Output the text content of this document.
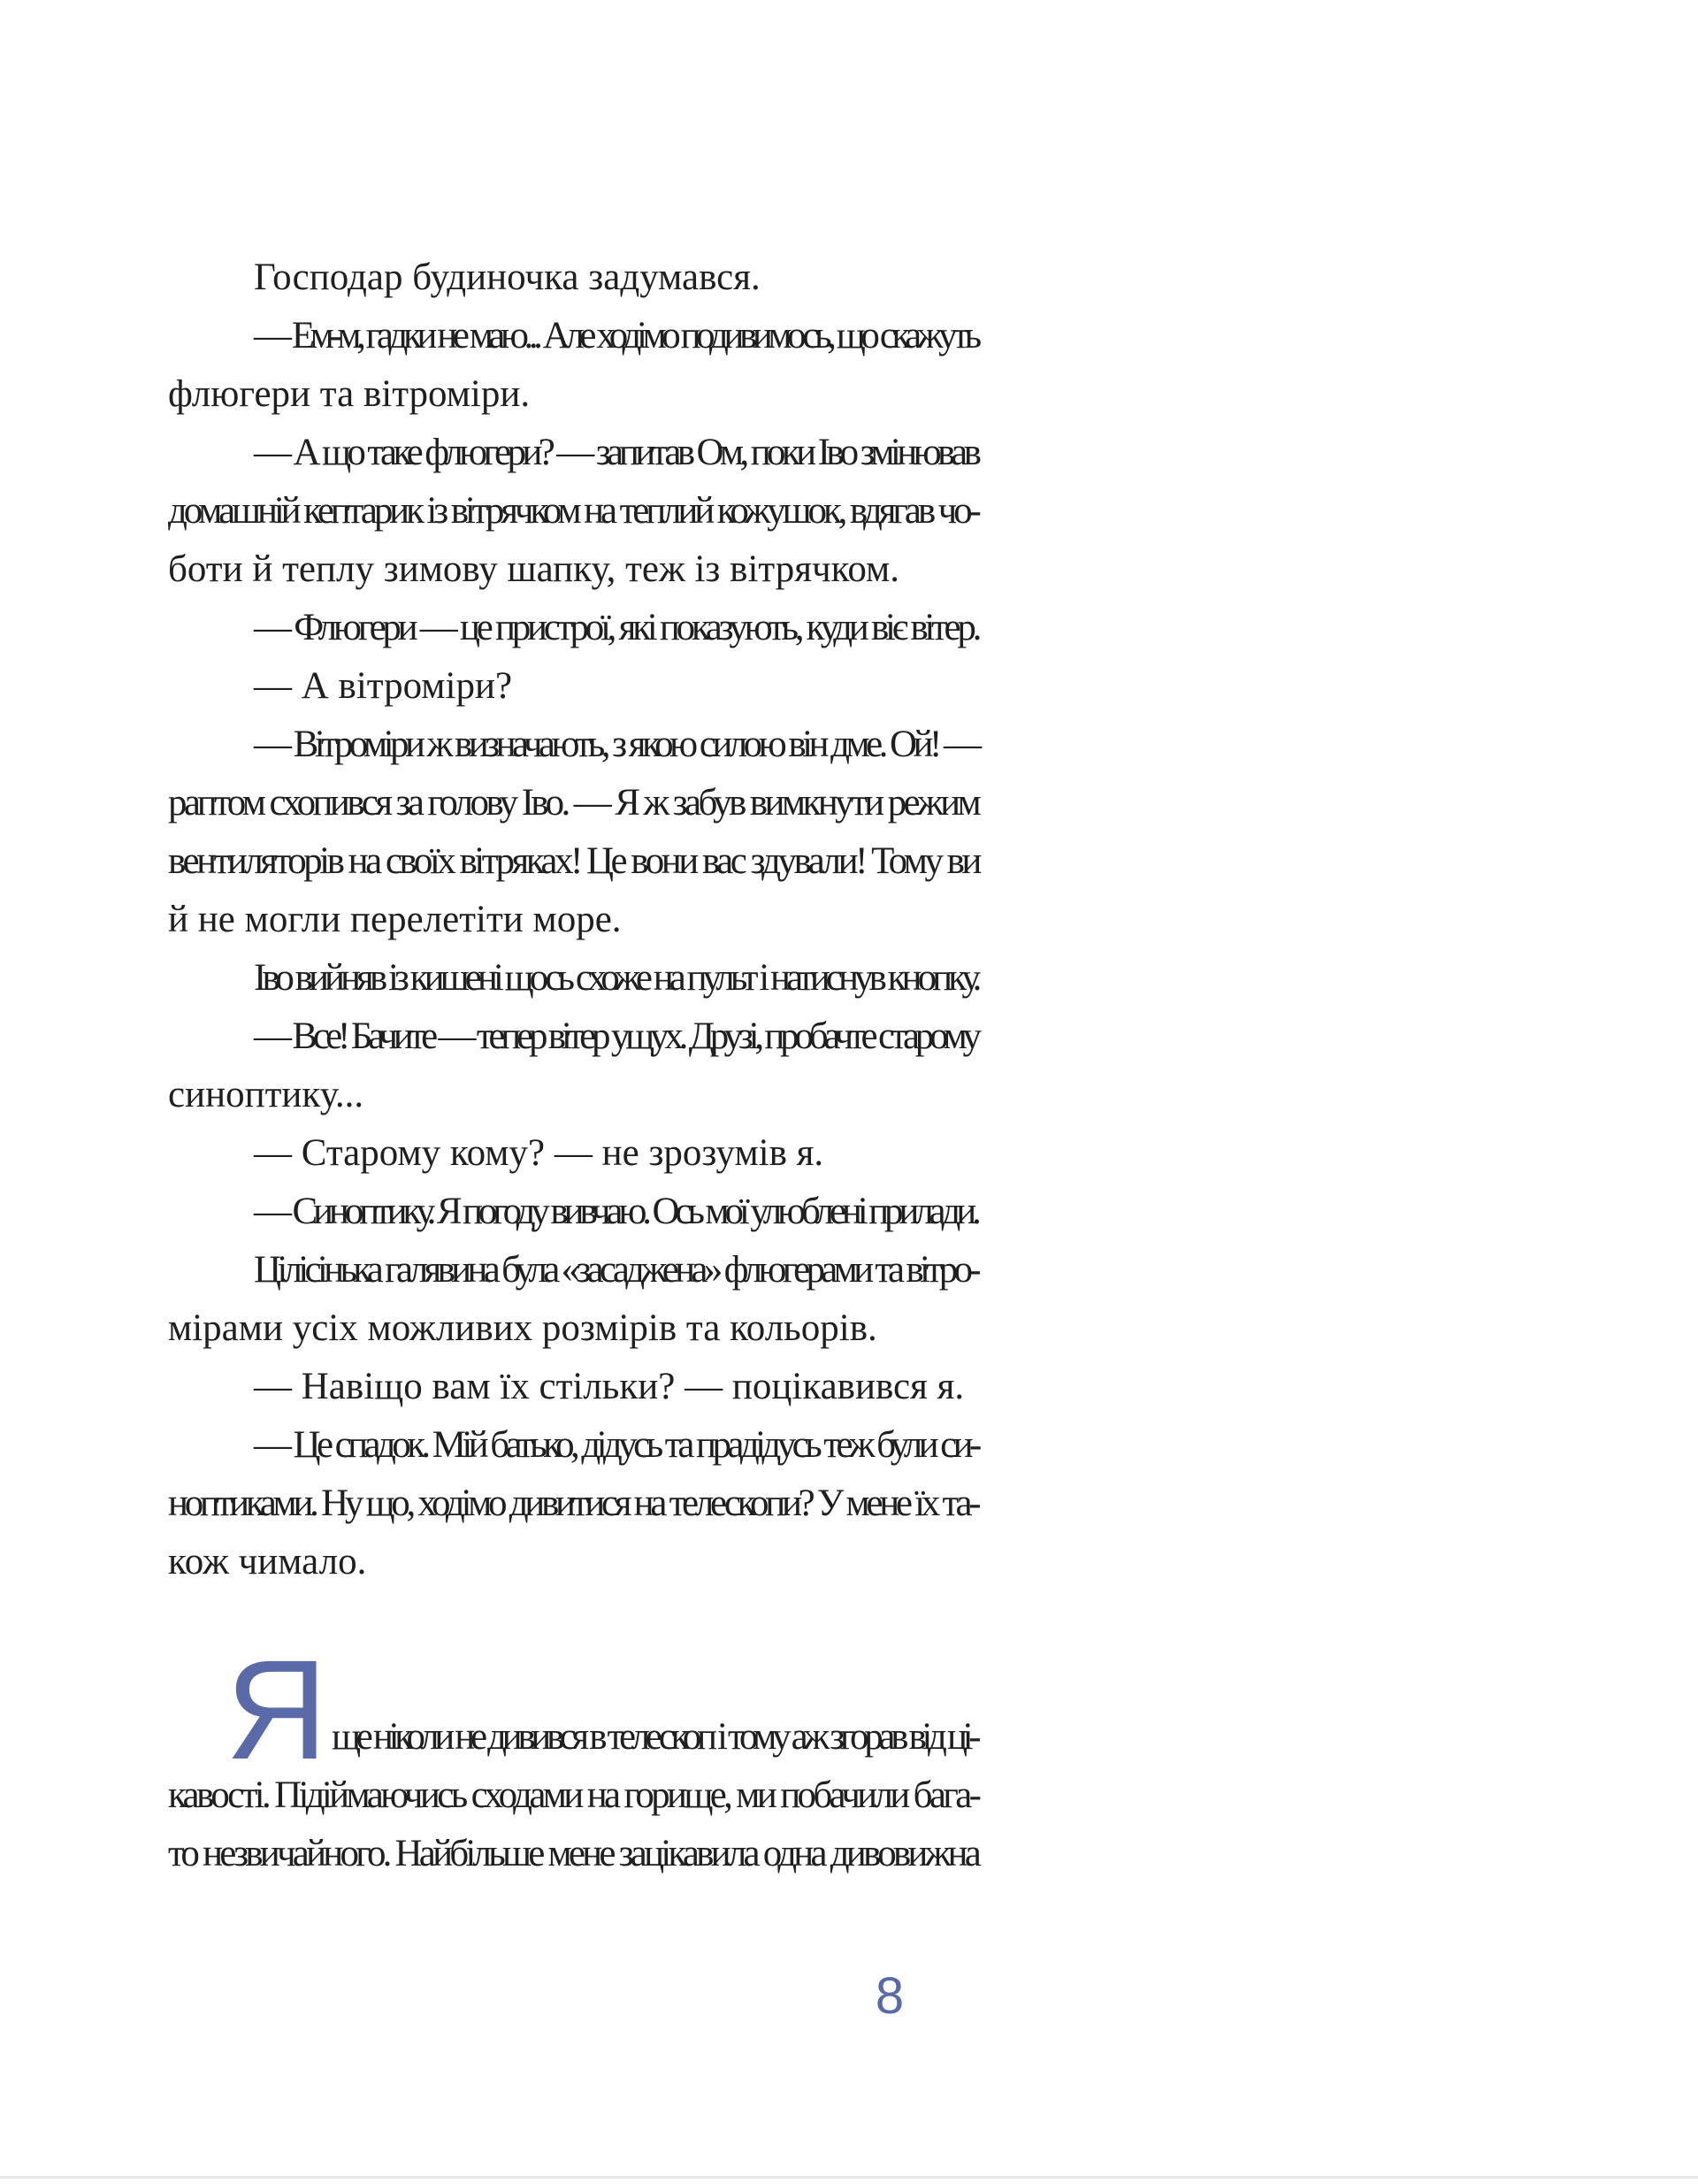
Господар будиночка задумався.
— Ем-м, гадки не маю... Але ходімо подивимось, що скажуть
флюгери та вітроміри.
— А що таке флюгери? — запитав Ом, поки Іво змінював
домашній кептарик із вітрячком на теплий кожушок, вдягав чо-
боти й теплу зимову шапку, теж із вітрячком.
— Флюгери — це пристрої, які показують, куди віє вітер.
— А вітроміри?
— Вітроміри ж визначають, з якою силою він дме. Ой! —
раптом схопився за голову Іво. — Я ж забув вимкнути режим
вентиляторів на своїх вітряках! Це вони вас здували! Тому ви
й не могли перелетіти море.
Іво вийняв із кишені щось схоже на пульт і натиснув кнопку.
— Все! Бачите — тепер вітер ущух. Друзі, пробачте старому
синоптику...
— Старому кому? — не зрозумів я.
— Синоптику. Я погоду вивчаю. Ось мої улюблені прилади.
Цілісінька галявина була «засаджена» флюгерами та вітро-
мірами усіх можливих розмірів та кольорів.
— Навіщо вам їх стільки? — поцікавився я.
— Це спадок. Мій батько, дідусь та прадідусь теж були си-
ноптиками. Ну що, ходімо дивитися на телескопи? У мене їх та-
кож чимало.
ще ніколи не дивився в телескоп і тому аж згорав від ці-
кавості. Підіймаючись сходами на горище, ми побачили бага-
то незвичайного. Найбільше мене зацікавила одна дивовижна
Я
8
